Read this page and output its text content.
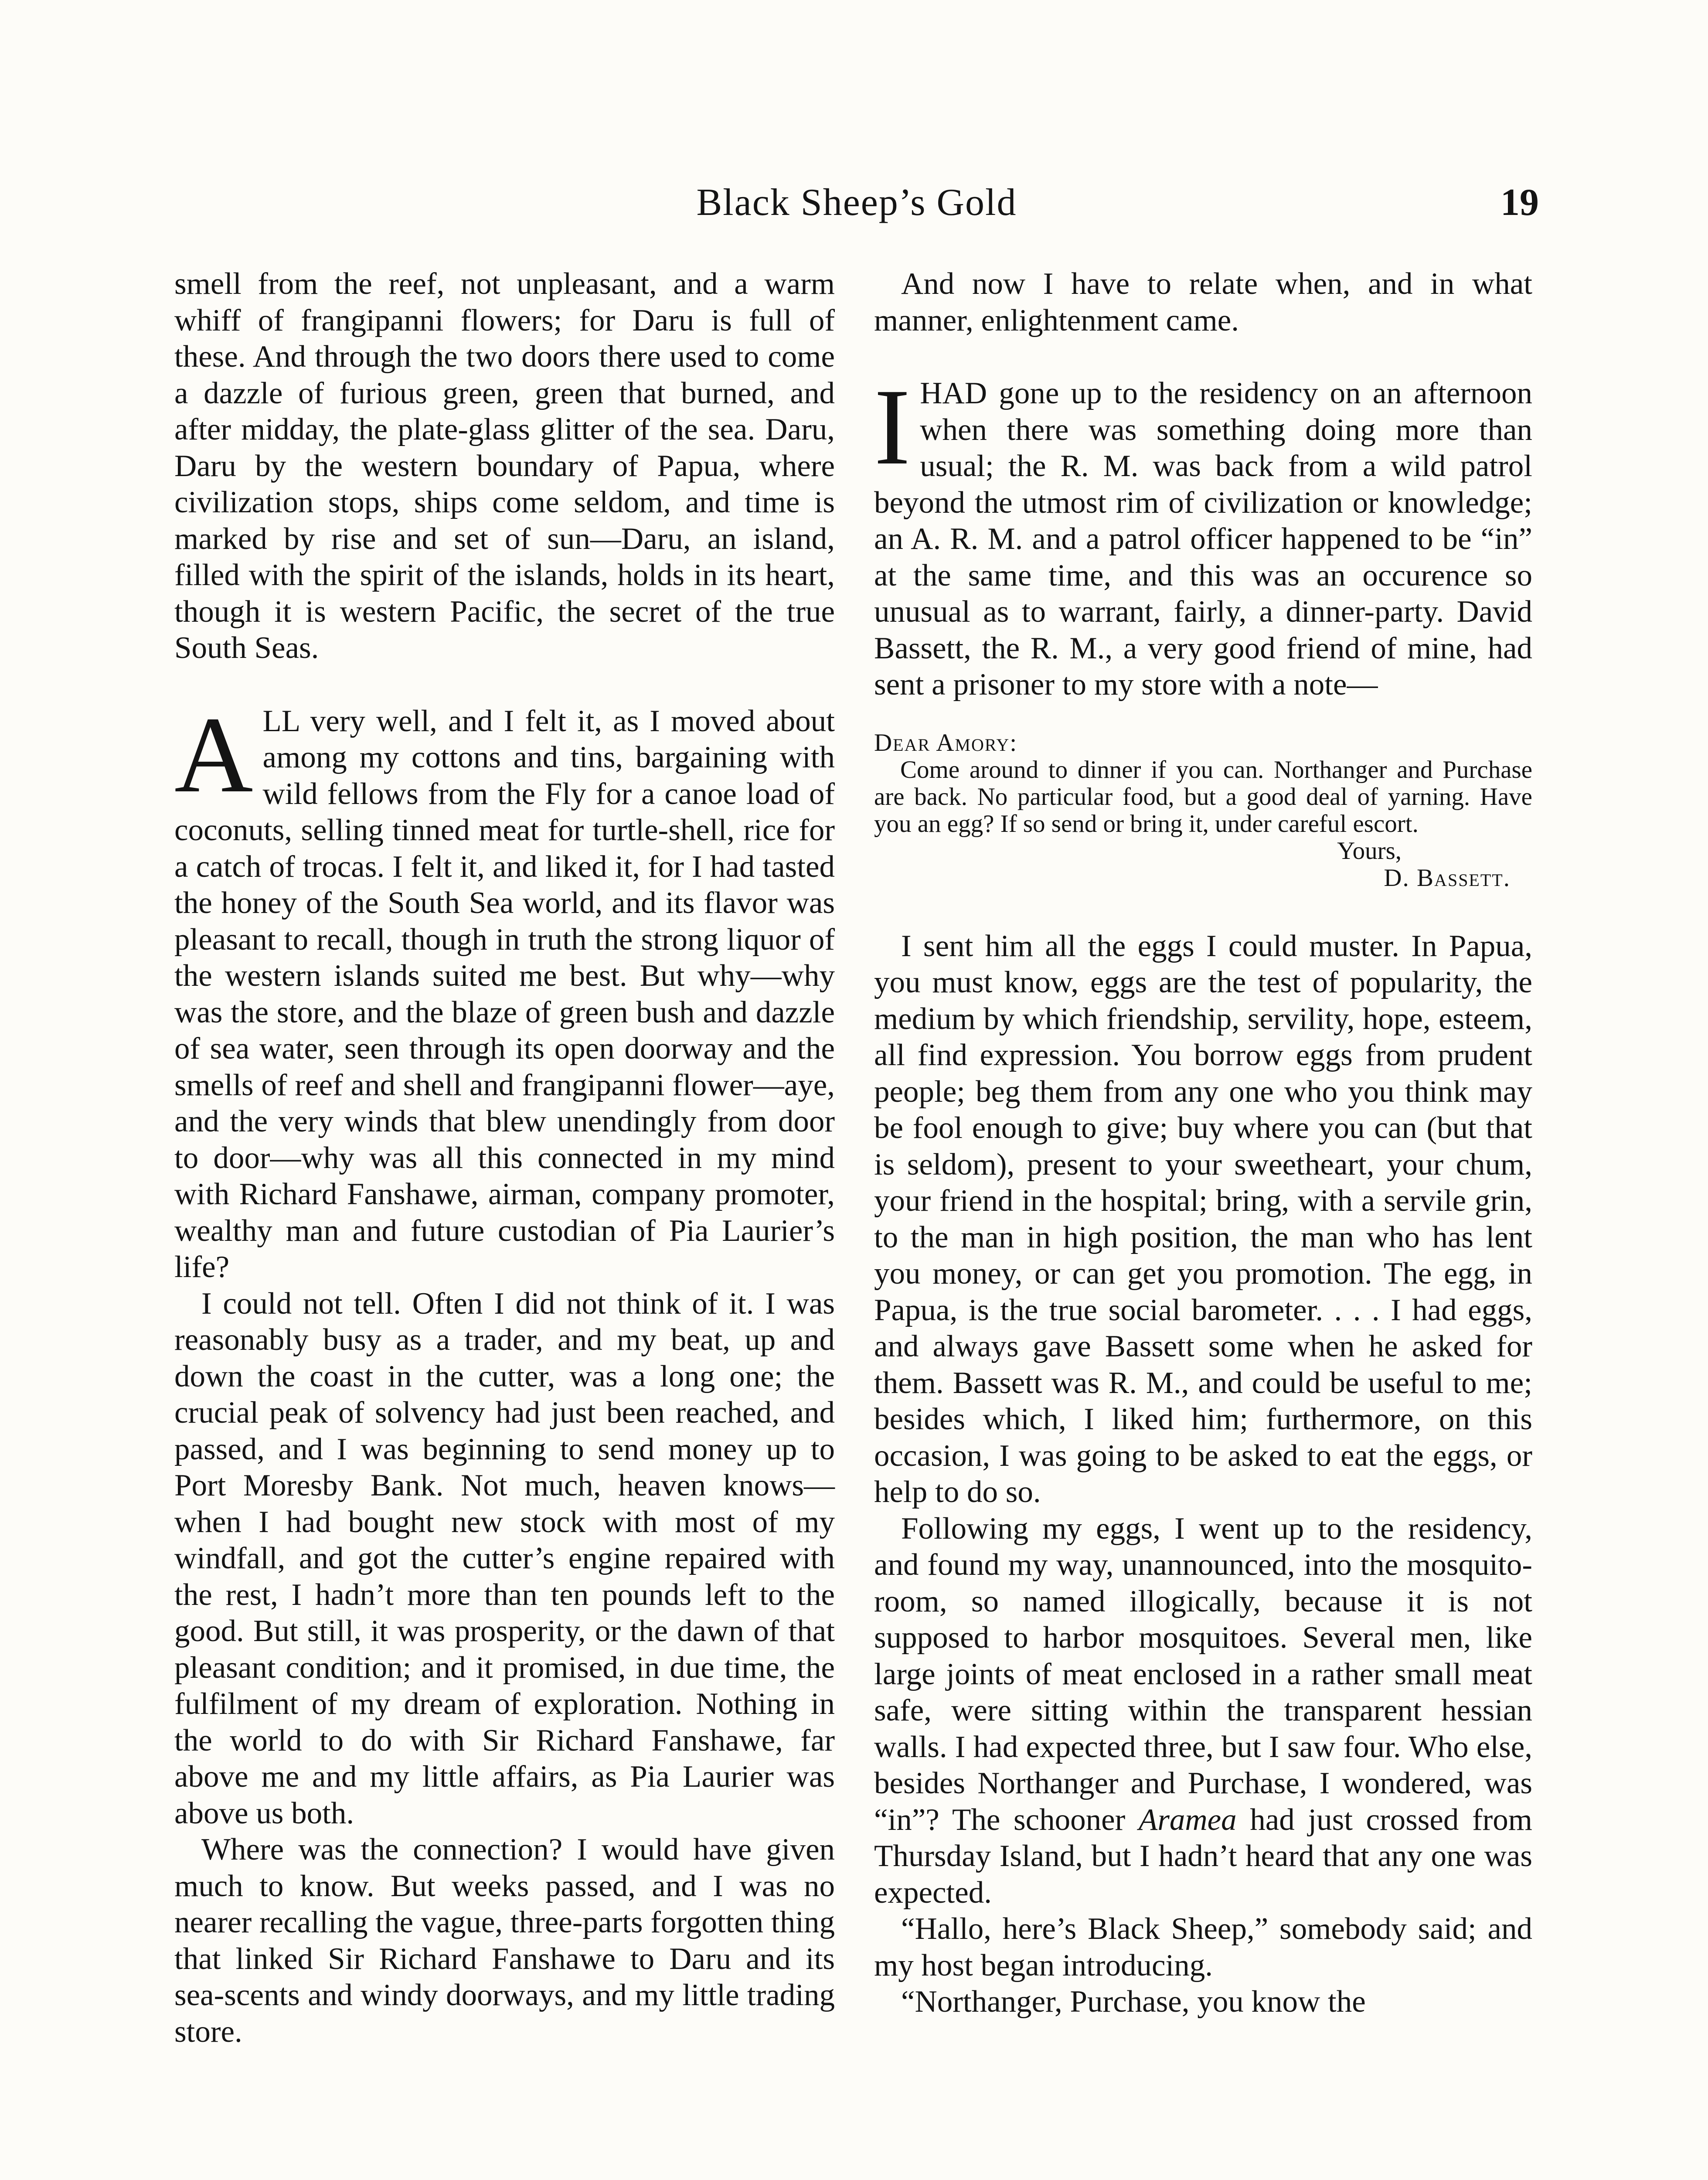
Black Sheep’s Gold	19

smell from the reef, not unpleasant, and a warm whiff of frangipanni flowers; for Daru is full of these. And through the two doors there used to come a dazzle of furious green, green that burned, and after midday, the plate-glass glitter of the sea. Daru, Daru by the western boundary of Papua, where civilization stops, ships come seldom, and time is marked by rise and set of sun—Daru, an island, filled with the spirit of the islands, holds in its heart, though it is western Pacific, the secret of the true South Seas.

ALL very well, and I felt it, as I moved about among my cottons and tins, bargaining with wild fellows from the Fly for a canoe load of coconuts, selling tinned meat for turtle-shell, rice for a catch of trocas. I felt it, and liked it, for I had tasted the honey of the South Sea world, and its flavor was pleasant to recall, though in truth the strong liquor of the western islands suited me best. But why—why was the store, and the blaze of green bush and dazzle of sea water, seen through its open doorway and the smells of reef and shell and frangipanni flower—aye, and the very winds that blew unendingly from door to door—why was all this connected in my mind with Richard Fanshawe, airman, company promoter, wealthy man and future custodian of Pia Laurier’s life?

I could not tell. Often I did not think of it. I was reasonably busy as a trader, and my beat, up and down the coast in the cutter, was a long one; the crucial peak of solvency had just been reached, and passed, and I was beginning to send money up to Port Moresby Bank. Not much, heaven knows—when I had bought new stock with most of my windfall, and got the cutter’s engine repaired with the rest, I hadn’t more than ten pounds left to the good. But still, it was prosperity, or the dawn of that pleasant condition; and it promised, in due time, the fulfilment of my dream of exploration. Nothing in the world to do with Sir Richard Fanshawe, far above me and my little affairs, as Pia Laurier was above us both.

Where was the connection? I would have given much to know. But weeks passed, and I was no nearer recalling the vague, three-parts forgotten thing that linked Sir Richard Fanshawe to Daru and its sea-scents and windy doorways, and my little trading store.

And now I have to relate when, and in what manner, enlightenment came.

IHAD gone up to the residency on an afternoon when there was something doing more than usual; the R. M. was back from a wild patrol beyond the utmost rim of civilization or knowledge; an A. R. M. and a patrol officer happened to be “in” at the same time, and this was an occurence so unusual as to warrant, fairly, a dinner-party. David Bassett, the R. M., a very good friend of mine, had sent a prisoner to my store with a note—

Dear Amory:

Come around to dinner if you can. Northanger and Purchase are back. No particular food, but a good deal of yarning. Have you an egg? If so send or bring it, under careful escort.

Yours,

D. Bassett.

I sent him all the eggs I could muster. In Papua, you must know, eggs are the test of popularity, the medium by which friendship, servility, hope, esteem, all find expression. You borrow eggs from prudent people; beg them from any one who you think may be fool enough to give; buy where you can (but that is seldom), present to your sweetheart, your chum, your friend in the hospital; bring, with a servile grin, to the man in high position, the man who has lent you money, or can get you promotion. The egg, in Papua, is the true social barometer. . . . I had eggs, and always gave Bassett some when he asked for them. Bassett was R. M., and could be useful to me; besides which, I liked him; furthermore, on this occasion, I was going to be asked to eat the eggs, or help to do so.

Following my eggs, I went up to the residency, and found my way, unannounced, into the mosquito-room, so named illogically, because it is not supposed to harbor mosquitoes. Several men, like large joints of meat enclosed in a rather small meat safe, were sitting within the transparent hessian walls. I had expected three, but I saw four. Who else, besides Northanger and Purchase, I wondered, was “in”? The schooner Aramea had just crossed from Thursday Island, but I hadn’t heard that any one was expected.

“Hallo, here’s Black Sheep,” somebody said; and my host began introducing.

“Northanger, Purchase, you know the
